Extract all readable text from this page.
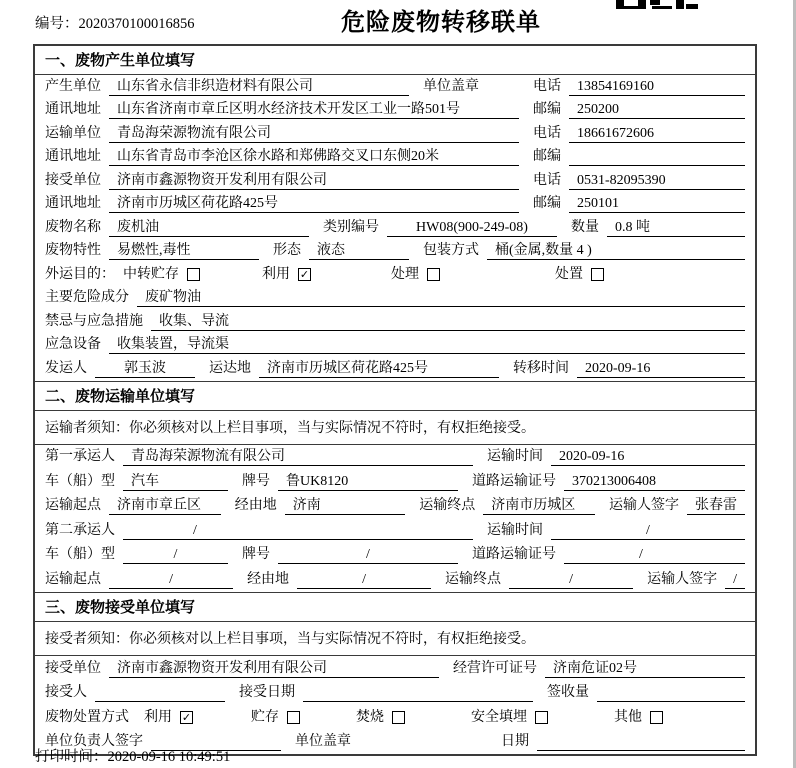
编号：2020370100016856	危险废物转移联单
一、废物产生单位填写
产生单位	山东省永信非织造材料有限公司	单位盖章	电话	13854169160
通讯地址	山东省济南市章丘区明水经济技术开发区工业一路501号	邮编	250200
运输单位	青岛海荣源物流有限公司	电话	18661672606
通讯地址	山东省青岛市李沧区徐水路和郑佛路交叉口东侧20米	邮编
接受单位	济南市鑫源物资开发利用有限公司	电话	0531-82095390
通讯地址	济南市历城区荷花路425号	邮编	250101
废物名称	废机油	类别编号	HW08(900-249-08)	数量	0.8 吨
废物特性	易燃性,毒性	形态	液态	包装方式	桶(金属,数量 4 )
外运目的： 中转贮存	利用 ✓	处理	处置
主要危险成分	废矿物油
禁忌与应急措施	收集、导流
应急设备	收集装置，导流渠
发运人	郭玉波	运达地	济南市历城区荷花路425号	转移时间	2020-09-16
二、废物运输单位填写
运输者须知：你必须核对以上栏目事项，当与实际情况不符时，有权拒绝接受。
第一承运人	青岛海荣源物流有限公司	运输时间	2020-09-16
车（船）型	汽车	牌号	鲁UK8120	道路运输证号	370213006408
运输起点	济南市章丘区	经由地	济南	运输终点	济南市历城区	运输人签字	张春雷
第二承运人	/	运输时间	/
车（船）型	/	牌号	/	道路运输证号	/
运输起点	/	经由地	/	运输终点	/	运输人签字	/
三、废物接受单位填写
接受者须知：你必须核对以上栏目事项，当与实际情况不符时，有权拒绝接受。
接受单位	济南市鑫源物资开发利用有限公司	经营许可证号	济南危证02号
接受人	接受日期	签收量
废物处置方式 利用 ✓	贮存	焚烧	安全填埋	其他
单位负责人签字	单位盖章	日期
打印时间：2020-09-16 10:49:51
